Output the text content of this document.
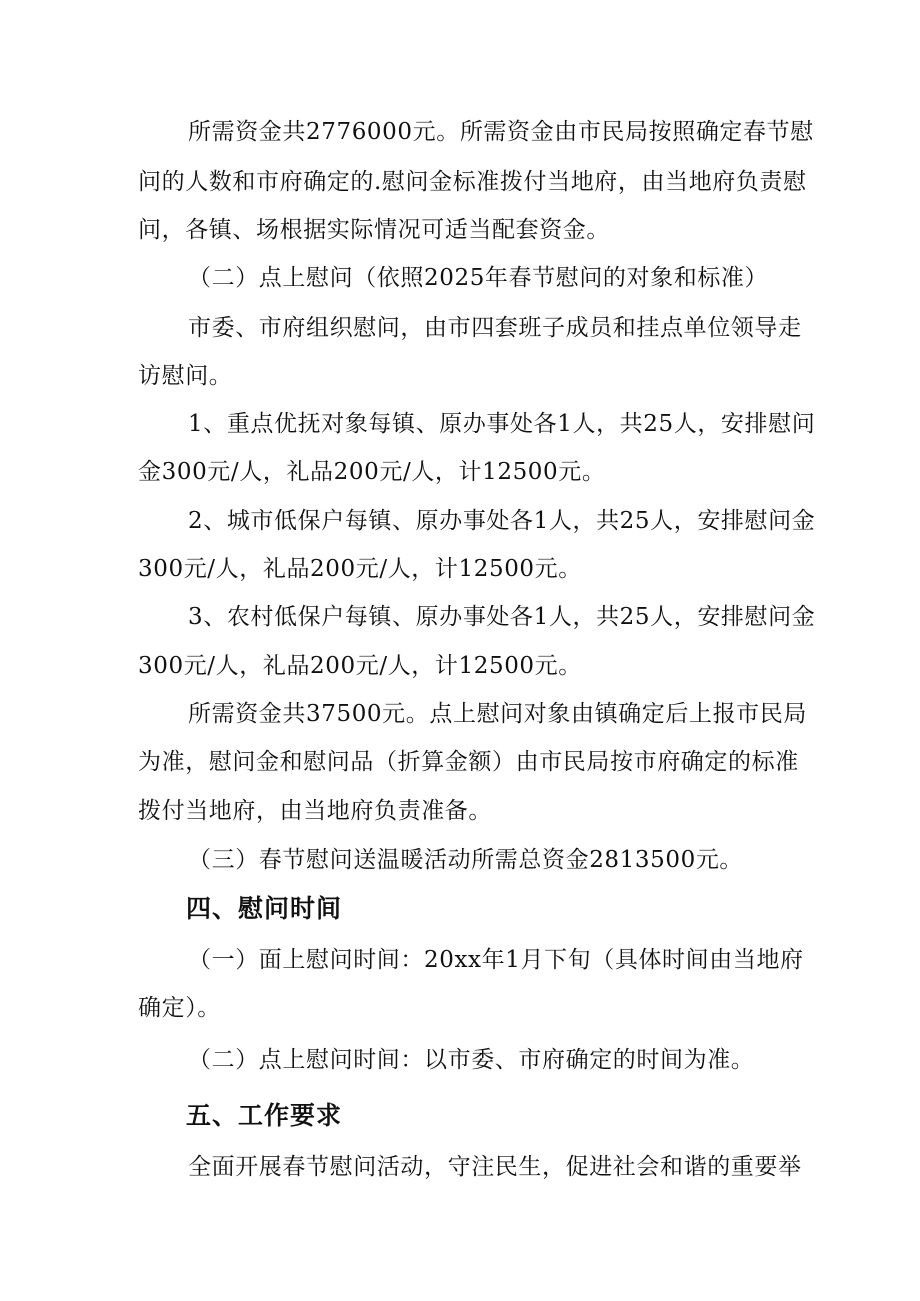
所需资金共2776000元。所需资金由市民局按照确定春节慰
问的人数和市府确定的.慰问金标准拨付当地府，由当地府负责慰
问，各镇、场根据实际情况可适当配套资金。
（二）点上慰问（依照2025年春节慰问的对象和标准）
市委、市府组织慰问，由市四套班子成员和挂点单位领导走
访慰问。
1、重点优抚对象每镇、原办事处各1人，共25人，安排慰问
金300元/人，礼品200元/人，计12500元。
2、城市低保户每镇、原办事处各1人，共25人，安排慰问金
300元/人，礼品200元/人，计12500元。
3、农村低保户每镇、原办事处各1人，共25人，安排慰问金
300元/人，礼品200元/人，计12500元。
所需资金共37500元。点上慰问对象由镇确定后上报市民局
为准，慰问金和慰问品（折算金额）由市民局按市府确定的标准
拨付当地府，由当地府负责准备。
（三）春节慰问送温暖活动所需总资金2813500元。
四、慰问时间
（一）面上慰问时间：20xx年1月下旬（具体时间由当地府
确定）。
（二）点上慰问时间：以市委、市府确定的时间为准。
五、工作要求
全面开展春节慰问活动，守注民生，促进社会和谐的重要举
